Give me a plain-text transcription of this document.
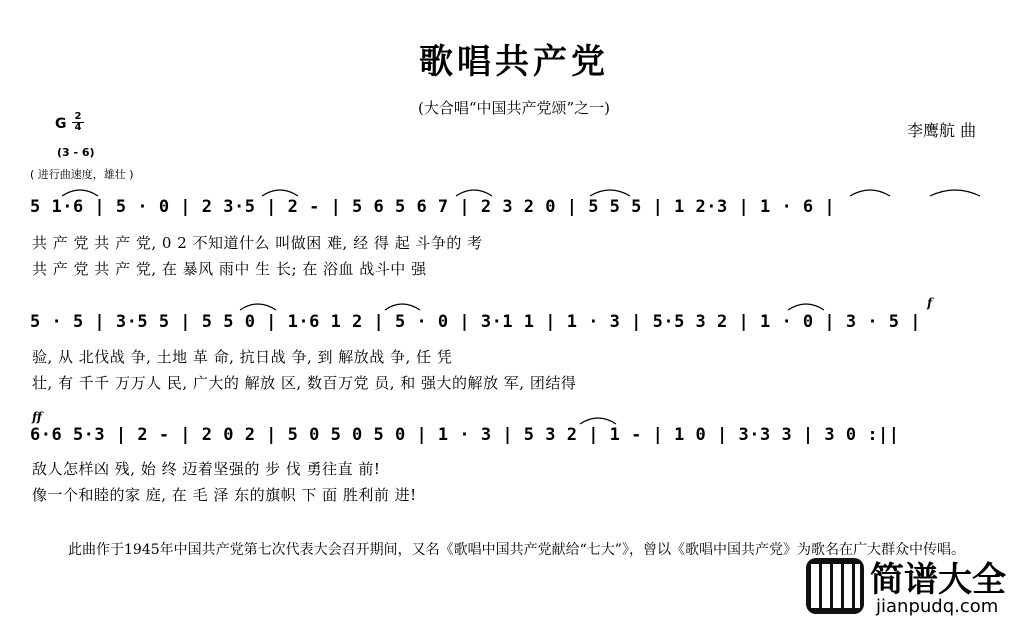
歌唱共产党
(大合唱“中国共产党颂”之一)
李鹰航 曲
G $\frac{2}{4}$
(3 - 6)
( 进行曲速度，雄壮 )
5 1·6 | 5 · 0 | 2 3·5 | 2 - | 5 6 5 6 7 | 2 3 2 0 | 5 5 5 | 1 2·3 | 1 · 6 |
共 产 党 共 产 党, 0 2 不知道什么 叫做困 难, 经 得 起 斗争的 考
共 产 党 共 产 党, 在 暴风 雨中 生 长; 在 浴血 战斗中 强
f
5 · 5 | 3·5 5 | 5 5 0 | 1·6 1 2 | 5 · 0 | 3·1 1 | 1 · 3 | 5·5 3 2 | 1 · 0 | 3 · 5 |
验, 从 北伐战 争, 土地 革 命, 抗日战 争, 到 解放战 争, 任 凭
壮, 有 千千 万万人 民, 广大的 解放 区, 数百万党 员, 和 强大的解放 军, 团结得
ff
6·6 5·3 | 2 - | 2 0 2 | 5 0 5 0 5 0 | 1 · 3 | 5 3 2 | 1 - | 1 0 | 3·3 3 | 3 0 :||
敌人怎样凶 残, 始 终 迈着坚强的 步 伐 勇往直 前!
像一个和睦的家 庭, 在 毛 泽 东的旗帜 下 面 胜利前 进!
此曲作于1945年中国共产党第七次代表大会召开期间，又名《歌唱中国共产党献给“七大”》，曾以《歌唱中国共产党》为歌名在广大群众中传唱。
简谱大全
jianpudq.com
